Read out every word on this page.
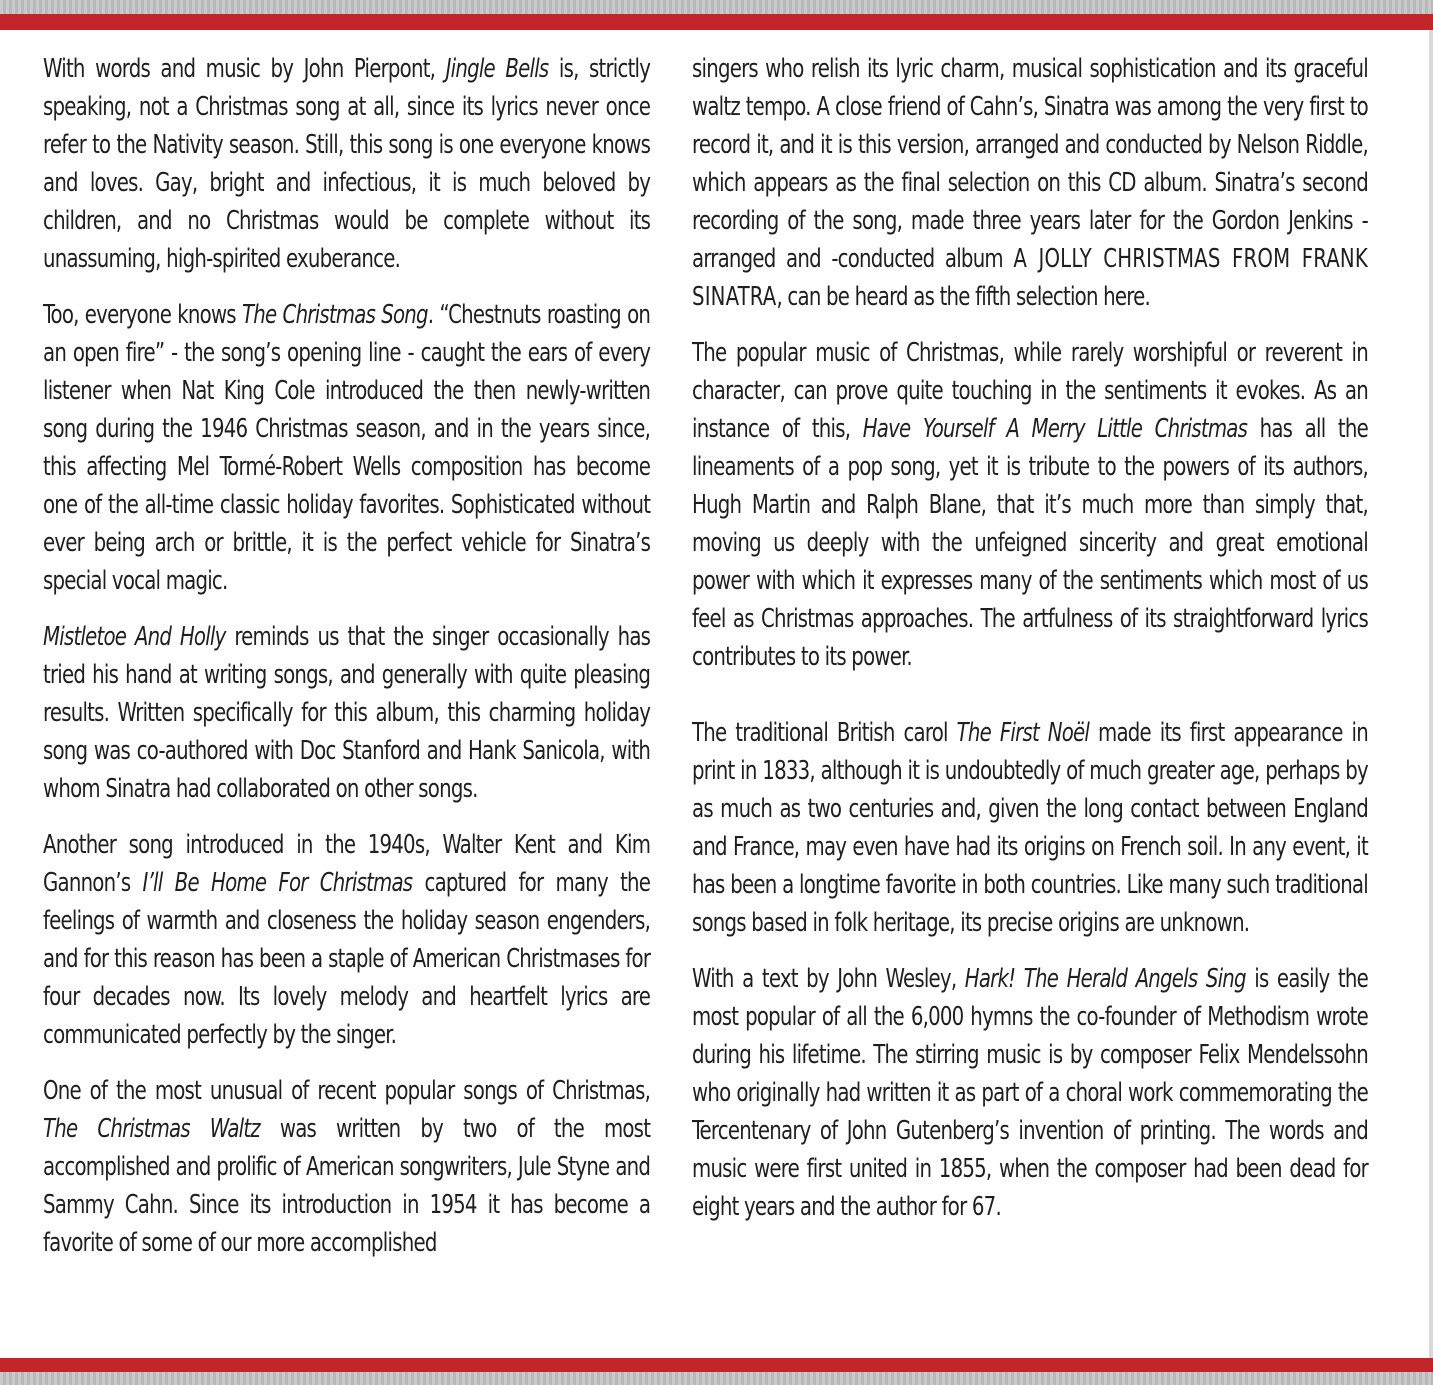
With words and music by John Pierpont, Jingle Bells is, strictly speaking, not a Christmas song at all, since its lyrics never once refer to the Nativity season. Still, this song is one everyone knows and loves. Gay, bright and infectious, it is much beloved by children, and no Christmas would be complete without its unassuming, high-spirited exuberance.

Too, everyone knows The Christmas Song. “Chestnuts roasting on an open fire” - the song’s opening line - caught the ears of every listener when Nat King Cole introduced the then newly-written song during the 1946 Christmas season, and in the years since, this affecting Mel Tormé-Robert Wells composition has become one of the all-time classic holiday favorites. Sophisticated without ever being arch or brittle, it is the perfect vehicle for Sinatra’s special vocal magic.

Mistletoe And Holly reminds us that the singer occasionally has tried his hand at writing songs, and generally with quite pleasing results. Written specifically for this album, this charming holiday song was co-authored with Doc Stanford and Hank Sanicola, with whom Sinatra had collaborated on other songs.

Another song introduced in the 1940s, Walter Kent and Kim Gannon’s I’ll Be Home For Christmas captured for many the feelings of warmth and closeness the holiday season engenders, and for this reason has been a staple of American Christmases for four decades now. Its lovely melody and heartfelt lyrics are communicated perfectly by the singer.

One of the most unusual of recent popular songs of Christmas, The Christmas Waltz was written by two of the most accomplished and prolific of American songwriters, Jule Styne and Sammy Cahn. Since its introduction in 1954 it has become a favorite of some of our more accomplished

singers who relish its lyric charm, musical sophistication and its graceful waltz tempo. A close friend of Cahn’s, Sinatra was among the very first to record it, and it is this version, arranged and conducted by Nelson Riddle, which appears as the final selection on this CD album. Sinatra’s second recording of the song, made three years later for the Gordon Jenkins -arranged and -conducted album A JOLLY CHRISTMAS FROM FRANK SINATRA, can be heard as the fifth selection here.

The popular music of Christmas, while rarely worshipful or reverent in character, can prove quite touching in the sentiments it evokes. As an instance of this, Have Yourself A Merry Little Christmas has all the lineaments of a pop song, yet it is tribute to the powers of its authors, Hugh Martin and Ralph Blane, that it’s much more than simply that, moving us deeply with the unfeigned sincerity and great emotional power with which it expresses many of the sentiments which most of us feel as Christmas approaches. The artfulness of its straightforward lyrics contributes to its power.

The traditional British carol The First Noël made its first appearance in print in 1833, although it is undoubtedly of much greater age, perhaps by as much as two centuries and, given the long contact between England and France, may even have had its origins on French soil. In any event, it has been a longtime favorite in both countries. Like many such traditional songs based in folk heritage, its precise origins are unknown.

With a text by John Wesley, Hark! The Herald Angels Sing is easily the most popular of all the 6,000 hymns the co-founder of Methodism wrote during his lifetime. The stirring music is by composer Felix Mendelssohn who originally had written it as part of a choral work commemorating the Tercentenary of John Gutenberg’s invention of printing. The words and music were first united in 1855, when the composer had been dead for eight years and the author for 67.
